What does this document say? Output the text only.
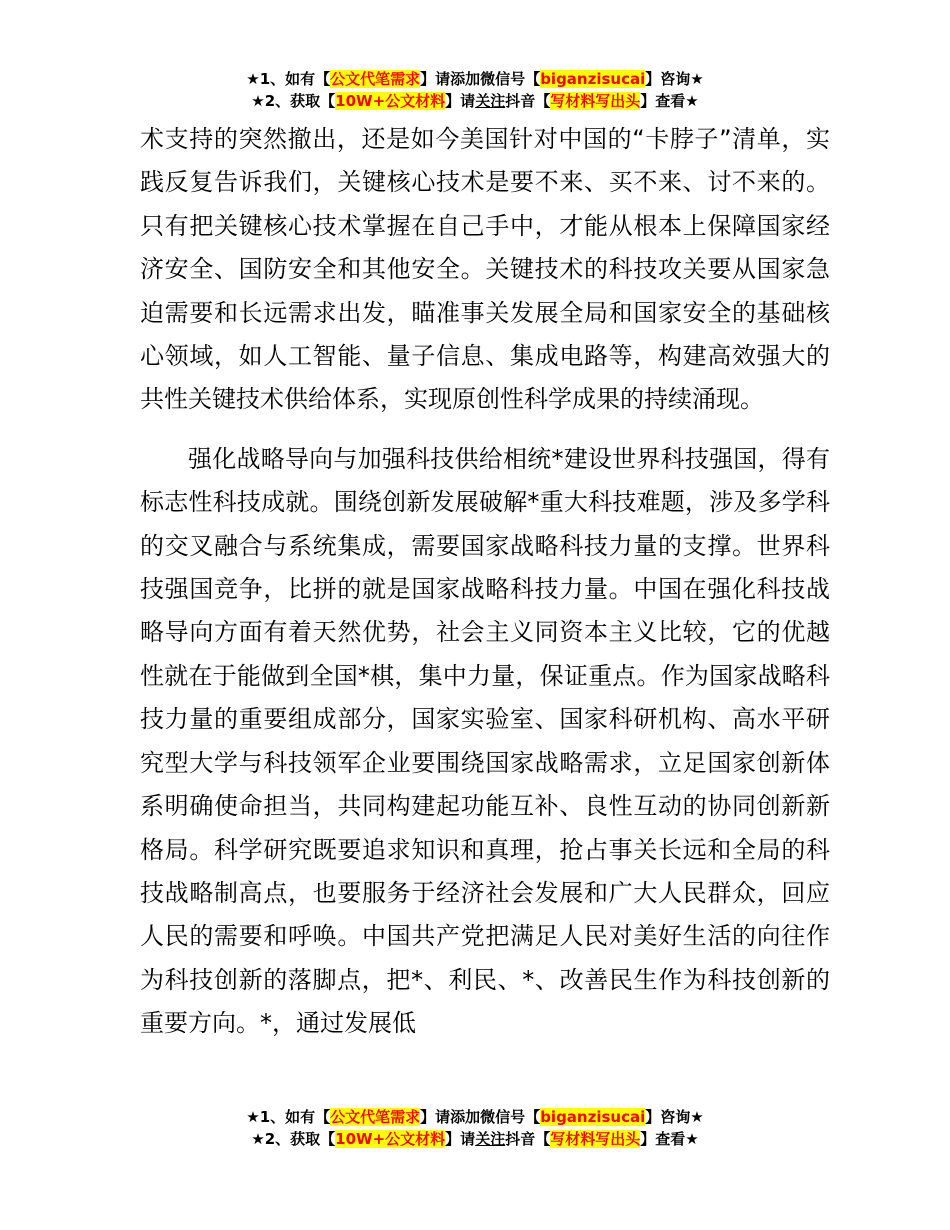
★1、如有【公文代笔需求】请添加微信号【biganzisucai】咨询★
★2、获取【10W+公文材料】请关注抖音【写材料写出头】查看★

术支持的突然撤出，还是如今美国针对中国的“卡脖子”清单，实践反复告诉我们，关键核心技术是要不来、买不来、讨不来的。只有把关键核心技术掌握在自己手中，才能从根本上保障国家经济安全、国防安全和其他安全。关键技术的科技攻关要从国家急迫需要和长远需求出发，瞄准事关发展全局和国家安全的基础核心领域，如人工智能、量子信息、集成电路等，构建高效强大的共性关键技术供给体系，实现原创性科学成果的持续涌现。

强化战略导向与加强科技供给相统*建设世界科技强国，得有标志性科技成就。围绕创新发展破解*重大科技难题，涉及多学科的交叉融合与系统集成，需要国家战略科技力量的支撑。世界科技强国竞争，比拼的就是国家战略科技力量。中国在强化科技战略导向方面有着天然优势，社会主义同资本主义比较，它的优越性就在于能做到全国*棋，集中力量，保证重点。作为国家战略科技力量的重要组成部分，国家实验室、国家科研机构、高水平研究型大学与科技领军企业要围绕国家战略需求，立足国家创新体系明确使命担当，共同构建起功能互补、良性互动的协同创新新格局。科学研究既要追求知识和真理，抢占事关长远和全局的科技战略制高点，也要服务于经济社会发展和广大人民群众，回应人民的需要和呼唤。中国共产党把满足人民对美好生活的向往作为科技创新的落脚点，把*、利民、*、改善民生作为科技创新的重要方向。*，通过发展低

★1、如有【公文代笔需求】请添加微信号【biganzisucai】咨询★
★2、获取【10W+公文材料】请关注抖音【写材料写出头】查看★
